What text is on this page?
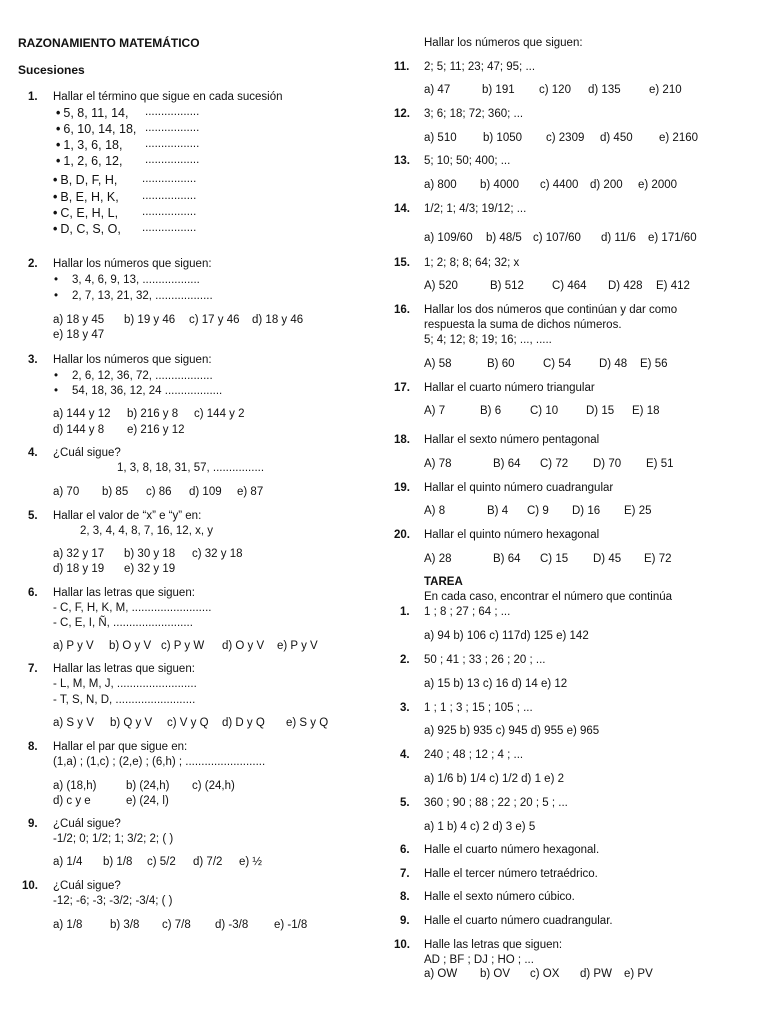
RAZONAMIENTO MATEMÁTICO
Sucesiones
1. Hallar el término que sigue en cada sucesión
• 5, 8, 11, 14, .................
• 6, 10, 14, 18, .................
• 1, 3, 6, 18, .................
• 1, 2, 6, 12, .................
• B, D, F, H, .................
• B, E, H, K, .................
• C, E, H, L, .................
• D, C, S, O, .................
2. Hallar los números que siguen:
• 3, 4, 6, 9, 13, ..................
• 2, 7, 13, 21, 32, ..................
a) 18 y 45 b) 19 y 46 c) 17 y 46 d) 18 y 46
e) 18 y 47
3. Hallar los números que siguen:
• 2, 6, 12, 36, 72, ..................
• 54, 18, 36, 12, 24 ..................
a) 144 y 12 b) 216 y 8 c) 144 y 2
d) 144 y 8 e) 216 y 12
4. ¿Cuál sigue?
1, 3, 8, 18, 31, 57, ................
a) 70 b) 85 c) 86 d) 109 e) 87
5. Hallar el valor de “x” e “y” en:
2, 3, 4, 4, 8, 7, 16, 12, x, y
a) 32 y 17 b) 30 y 18 c) 32 y 18
d) 18 y 19 e) 32 y 19
6. Hallar las letras que siguen:
- C, F, H, K, M, .........................
- C, E, I, Ñ, .........................
a) P y V b) O y V c) P y W d) O y V e) P y V
7. Hallar las letras que siguen:
- L, M, M, J, .........................
- T, S, N, D, .........................
a) S y V b) Q y V c) V y Q d) D y Q e) S y Q
8. Hallar el par que sigue en:
(1,a) ; (1,c) ; (2,e) ; (6,h) ; .........................
a) (18,h)	b) (24,h) c) (24,h)
d) c y e	e) (24, l)
9. ¿Cuál sigue?
-1/2; 0; 1/2; 1; 3/2; 2; ( )
a) 1/4 b) 1/8 c) 5/2 d) 7/2 e) ½
10. ¿Cuál sigue?
-12; -6; -3; -3/2; -3/4; ( )
a) 1/8 b) 3/8 c) 7/8 d) -3/8 e) -1/8
Hallar los números que siguen:
11. 2; 5; 11; 23; 47; 95; ...
a) 47	b) 191 c) 120 d) 135 e) 210
12. 3; 6; 18; 72; 360; ...
a) 510 b) 1050 c) 2309 d) 450 e) 2160
13. 5; 10; 50; 400; ...
a) 800 b) 4000 c) 4400 d) 200 e) 2000
14. 1/2; 1; 4/3; 19/12; ...
a) 109/60 b) 48/5 c) 107/60 d) 11/6 e) 171/60
15. 1; 2; 8; 8; 64; 32; x
A) 520	B) 512 C) 464 D) 428 E) 412
16. Hallar los dos números que continúan y dar como
respuesta la suma de dichos números.
5; 4; 12; 8; 19; 16; ..., .....
A) 58	B) 60 C) 54 D) 48 E) 56
17. Hallar el cuarto número triangular
A) 7	B) 6	C) 10 D) 15 E) 18
18. Hallar el sexto número pentagonal
A) 78	B) 64 C) 72 D) 70 E) 51
19. Hallar el quinto número cuadrangular
A) 8	B) 4 C) 9 D) 16 E) 25
20. Hallar el quinto número hexagonal
A) 28	B) 64 C) 15 D) 45 E) 72
TAREA
En cada caso, encontrar el número que continúa
1. 1 ; 8 ; 27 ; 64 ; ...
a) 94 b) 106 c) 117d) 125 e) 142
2. 50 ; 41 ; 33 ; 26 ; 20 ; ...
a) 15 b) 13 c) 16 d) 14 e) 12
3. 1 ; 1 ; 3 ; 15 ; 105 ; ...
a) 925 b) 935 c) 945 d) 955 e) 965
4. 240 ; 48 ; 12 ; 4 ; ...
a) 1/6 b) 1/4 c) 1/2 d) 1 e) 2
5. 360 ; 90 ; 88 ; 22 ; 20 ; 5 ; ...
a) 1 b) 4 c) 2 d) 3 e) 5
6. Halle el cuarto número hexagonal.
7. Halle el tercer número tetraédrico.
8. Halle el sexto número cúbico.
9. Halle el cuarto número cuadrangular.
10. Halle las letras que siguen:
AD ; BF ; DJ ; HO ; ...
a) OW b) OV c) OX d) PW e) PV
